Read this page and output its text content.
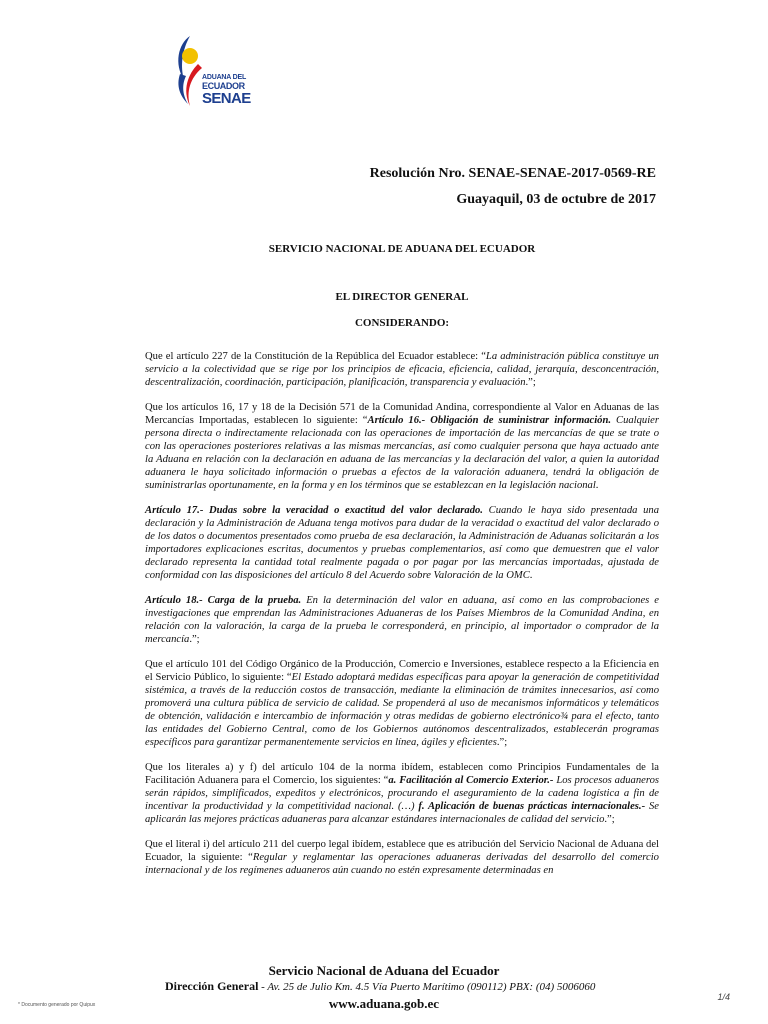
ADUANA DEL
ECUADOR
SENAE
Resolución Nro. SENAE-SENAE-2017-0569-RE
Guayaquil, 03 de octubre de 2017
SERVICIO NACIONAL DE ADUANA DEL ECUADOR
EL DIRECTOR GENERAL
CONSIDERANDO:

Que el artículo 227 de la Constitución de la República del Ecuador establece: “La administración pública constituye un servicio a la colectividad que se rige por los principios de eficacia, eficiencia, calidad, jerarquía, desconcentración, descentralización, coordinación, participación, planificación, transparencia y evaluación.”;

Que los artículos 16, 17 y 18 de la Decisión 571 de la Comunidad Andina, correspondiente al Valor en Aduanas de las Mercancías Importadas, establecen lo siguiente: “Artículo 16.- Obligación de suministrar información. Cualquier persona directa o indirectamente relacionada con las operaciones de importación de las mercancías de que se trate o con las operaciones posteriores relativas a las mismas mercancías, así como cualquier persona que haya actuado ante la Aduana en relación con la declaración en aduana de las mercancías y la declaración del valor, a quien la autoridad aduanera le haya solicitado información o pruebas a efectos de la valoración aduanera, tendrá la obligación de suministrarlas oportunamente, en la forma y en los términos que se establezcan en la legislación nacional.

Artículo 17.- Dudas sobre la veracidad o exactitud del valor declarado. Cuando le haya sido presentada una declaración y la Administración de Aduana tenga motivos para dudar de la veracidad o exactitud del valor declarado o de los datos o documentos presentados como prueba de esa declaración, la Administración de Aduanas solicitarán a los importadores explicaciones escritas, documentos y pruebas complementarios, así como que demuestren que el valor declarado representa la cantidad total realmente pagada o por pagar por las mercancías importadas, ajustada de conformidad con las disposiciones del artículo 8 del Acuerdo sobre Valoración de la OMC.

Artículo 18.- Carga de la prueba. En la determinación del valor en aduana, así como en las comprobaciones e investigaciones que emprendan las Administraciones Aduaneras de los Países Miembros de la Comunidad Andina, en relación con la valoración, la carga de la prueba le corresponderá, en principio, al importador o comprador de la mercancía.”;

Que el artículo 101 del Código Orgánico de la Producción, Comercio e Inversiones, establece respecto a la Eficiencia en el Servicio Público, lo siguiente: “El Estado adoptará medidas específicas para apoyar la generación de competitividad sistémica, a través de la reducción costos de transacción, mediante la eliminación de trámites innecesarios, así como promoverá una cultura pública de servicio de calidad. Se propenderá al uso de mecanismos informáticos y telemáticos de obtención, validación e intercambio de información y otras medidas de gobierno electrónico¾ para el efecto, tanto las entidades del Gobierno Central, como de los Gobiernos autónomos descentralizados, establecerán programas específicos para garantizar permanentemente servicios en línea, ágiles y eficientes.”;

Que los literales a) y f) del artículo 104 de la norma ibídem, establecen como Principios Fundamentales de la Facilitación Aduanera para el Comercio, los siguientes: “a. Facilitación al Comercio Exterior.- Los procesos aduaneros serán rápidos, simplificados, expeditos y electrónicos, procurando el aseguramiento de la cadena logística a fin de incentivar la productividad y la competitividad nacional. (…) f. Aplicación de buenas prácticas internacionales.- Se aplicarán las mejores prácticas aduaneras para alcanzar estándares internacionales de calidad del servicio.”;

Que el literal i) del artículo 211 del cuerpo legal ibídem, establece que es atribución del Servicio Nacional de Aduana del Ecuador, la siguiente: “Regular y reglamentar las operaciones aduaneras derivadas del desarrollo del comercio internacional y de los regímenes aduaneros aún cuando no estén expresamente determinadas en

Servicio Nacional de Aduana del Ecuador
Dirección General - Av. 25 de Julio Km. 4.5 Vía Puerto Marítimo (090112) PBX: (04) 5006060
www.aduana.gob.ec	1/4
* Documento generado por Quipux
